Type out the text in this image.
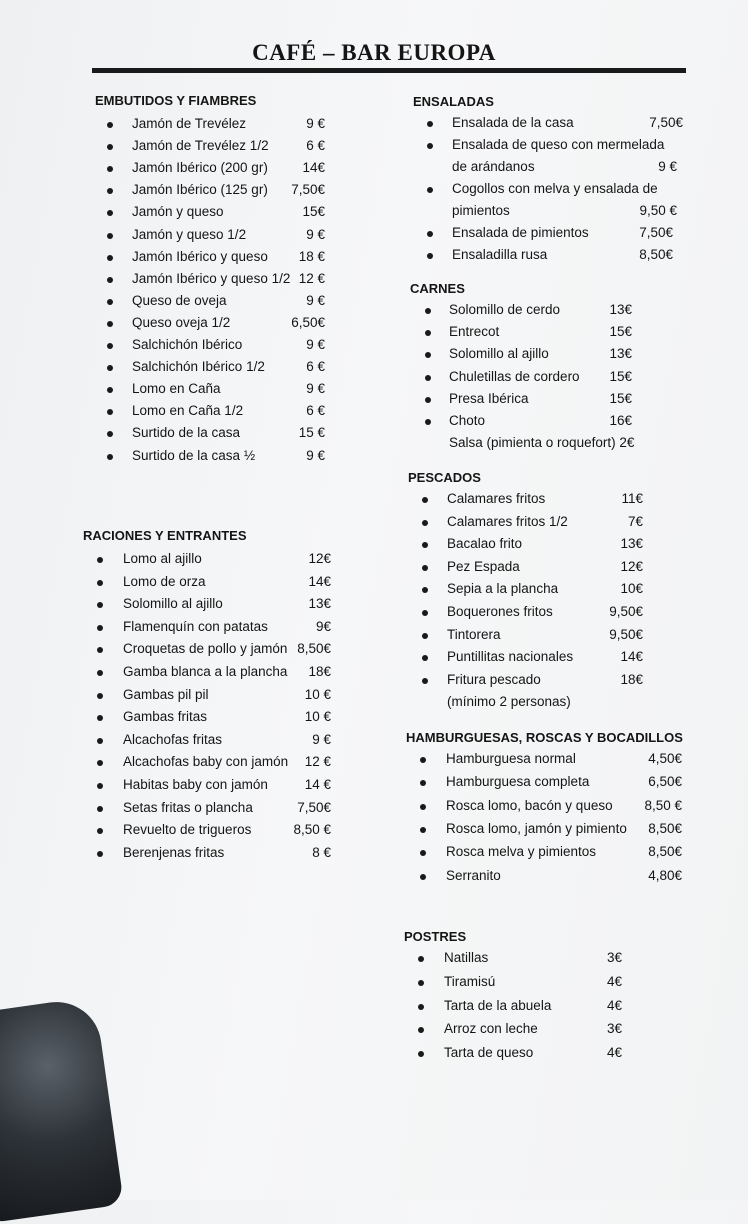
CAFÉ – BAR EUROPA
EMBUTIDOS Y FIAMBRES
Jamón de Trevélez	9 €
Jamón de Trevélez 1/2	6 €
Jamón Ibérico (200 gr)	14€
Jamón Ibérico (125 gr) 7,50€
Jamón y queso	15€
Jamón y queso 1/2	9 €
Jamón Ibérico y queso 18 €
Jamón Ibérico y queso 1/2 12 €
Queso de oveja	9 €
Queso oveja 1/2	6,50€
Salchichón Ibérico	9 €
Salchichón Ibérico 1/2	6 €
Lomo en Caña	9 €
Lomo en Caña 1/2	6 €
Surtido de la casa	15 €
Surtido de la casa ½	9 €
RACIONES Y ENTRANTES
Lomo al ajillo	12€
Lomo de orza	14€
Solomillo al ajillo	13€
Flamenquín con patatas	9€
Croquetas de pollo y jamón 8,50€
Gamba blanca a la plancha 18€
Gambas pil pil	10 €
Gambas fritas	10 €
Alcachofas fritas	9 €
Alcachofas baby con jamón 12 €
Habitas baby con jamón	14 €
Setas fritas o plancha	7,50€
Revuelto de trigueros	8,50 €
Berenjenas fritas	8 €
ENSALADAS
Ensalada de la casa	7,50€
Ensalada de queso con mermelada
de arándanos	9 €
Cogollos con melva y ensalada de
pimientos	9,50 €
Ensalada de pimientos	7,50€
Ensaladilla rusa	8,50€
CARNES
Solomillo de cerdo	13€
Entrecot	15€
Solomillo al ajillo	13€
Chuletillas de cordero 15€
Presa Ibérica	15€
Choto	16€
Salsa (pimienta o roquefort) 2€
PESCADOS
Calamares fritos	11€
Calamares fritos 1/2	7€
Bacalao frito	13€
Pez Espada	12€
Sepia a la plancha	10€
Boquerones fritos	9,50€
Tintorera	9,50€
Puntillitas nacionales	14€
Fritura pescado	18€
(mínimo 2 personas)
HAMBURGUESAS, ROSCAS Y BOCADILLOS
Hamburguesa normal	4,50€
Hamburguesa completa	6,50€
Rosca lomo, bacón y queso 8,50 €
Rosca lomo, jamón y pimiento 8,50€
Rosca melva y pimientos	8,50€
Serranito	4,80€
POSTRES
Natillas	3€
Tiramisú	4€
Tarta de la abuela	4€
Arroz con leche	3€
Tarta de queso	4€
